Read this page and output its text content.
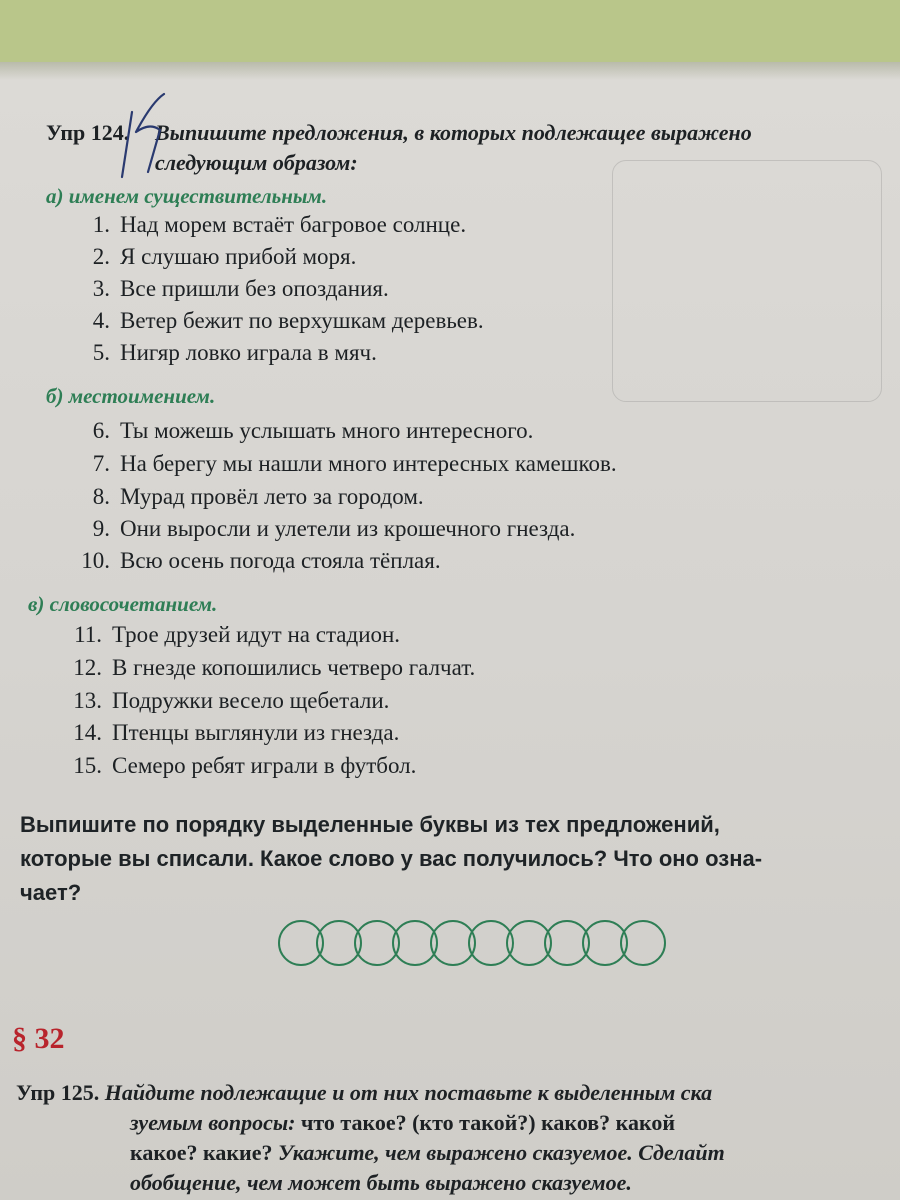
Упр 124. Выпишите предложения, в которых подлежащее выражено
следующим образом:
а) именем существительным.
1. Над морем встаёт багровое солнце.
2. Я слушаю прибой моря.
3. Все пришли без опоздания.
4. Ветер бежит по верхушкам деревьев.
5. Нигяр ловко играла в мяч.
б) местоимением.
6. Ты можешь услышать много интересного.
7. На берегу мы нашли много интересных камешков.
8. Мурад провёл лето за городом.
9. Они выросли и улетели из крошечного гнезда.
10. Всю осень погода стояла тёплая.
в) словосочетанием.
11. Трое друзей идут на стадион.
12. В гнезде копошились четверо галчат.
13. Подружки весело щебетали.
14. Птенцы выглянули из гнезда.
15. Семеро ребят играли в футбол.
Выпишите по порядку выделенные буквы из тех предложений,
которые вы списали. Какое слово у вас получилось? Что оно озна-
чает?
§ 32
Упр 125. Найдите подлежащие и от них поставьте к выделенным ска
зуемым вопросы: что такое? (кто такой?) каков? какой
какое? какие? Укажите, чем выражено сказуемое. Сделайт
обобщение, чем может быть выражено сказуемое.
